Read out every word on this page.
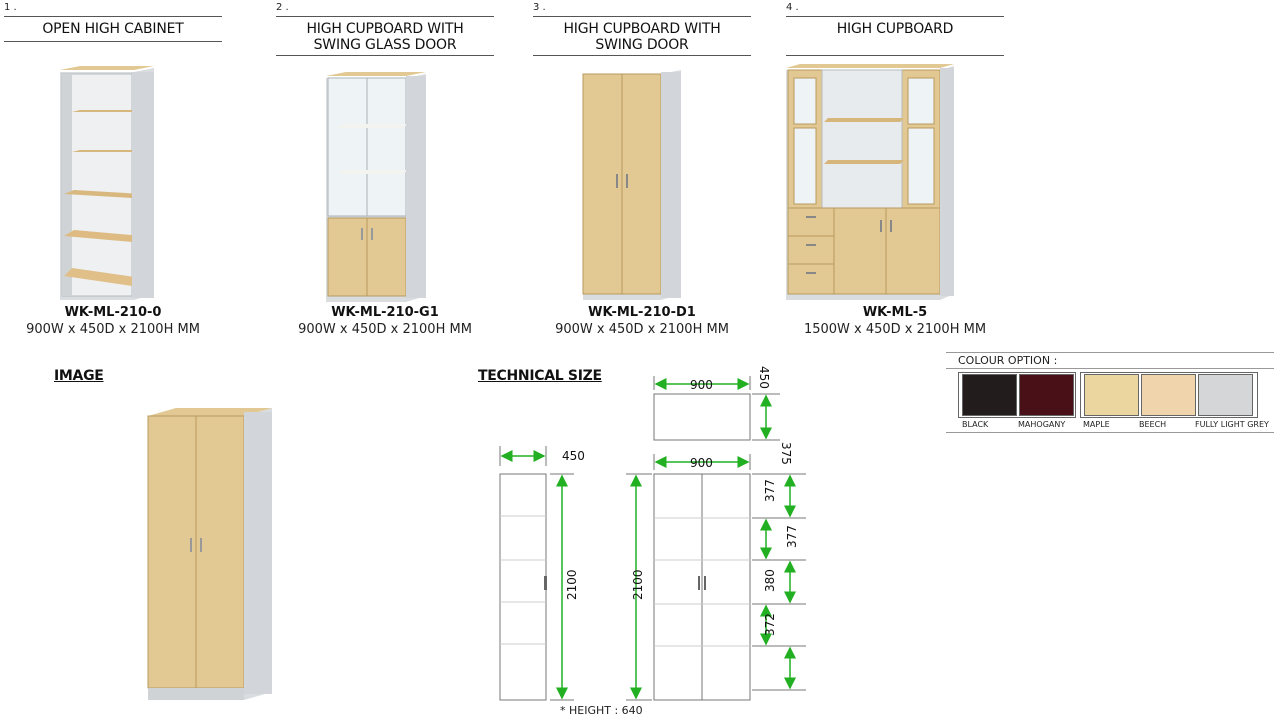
1 .
OPEN HIGH CABINET
WK-ML-210-0
900W x 450D x 2100H MM
2 .
HIGH CUPBOARD WITH
SWING GLASS DOOR
WK-ML-210-G1
900W x 450D x 2100H MM
3 .
HIGH CUPBOARD WITH
SWING DOOR
WK-ML-210-D1
900W x 450D x 2100H MM
4 .
HIGH CUPBOARD
WK-ML-5
1500W x 450D x 2100H MM
IMAGE	TECHNICAL SIZE
900	450
375
450
2100
900
2100
377
377
380
372
* HEIGHT : 640
COLOUR OPTION :
BLACK	MAHOGANY MAPLE	BEECH	FULLY LIGHT GREY
